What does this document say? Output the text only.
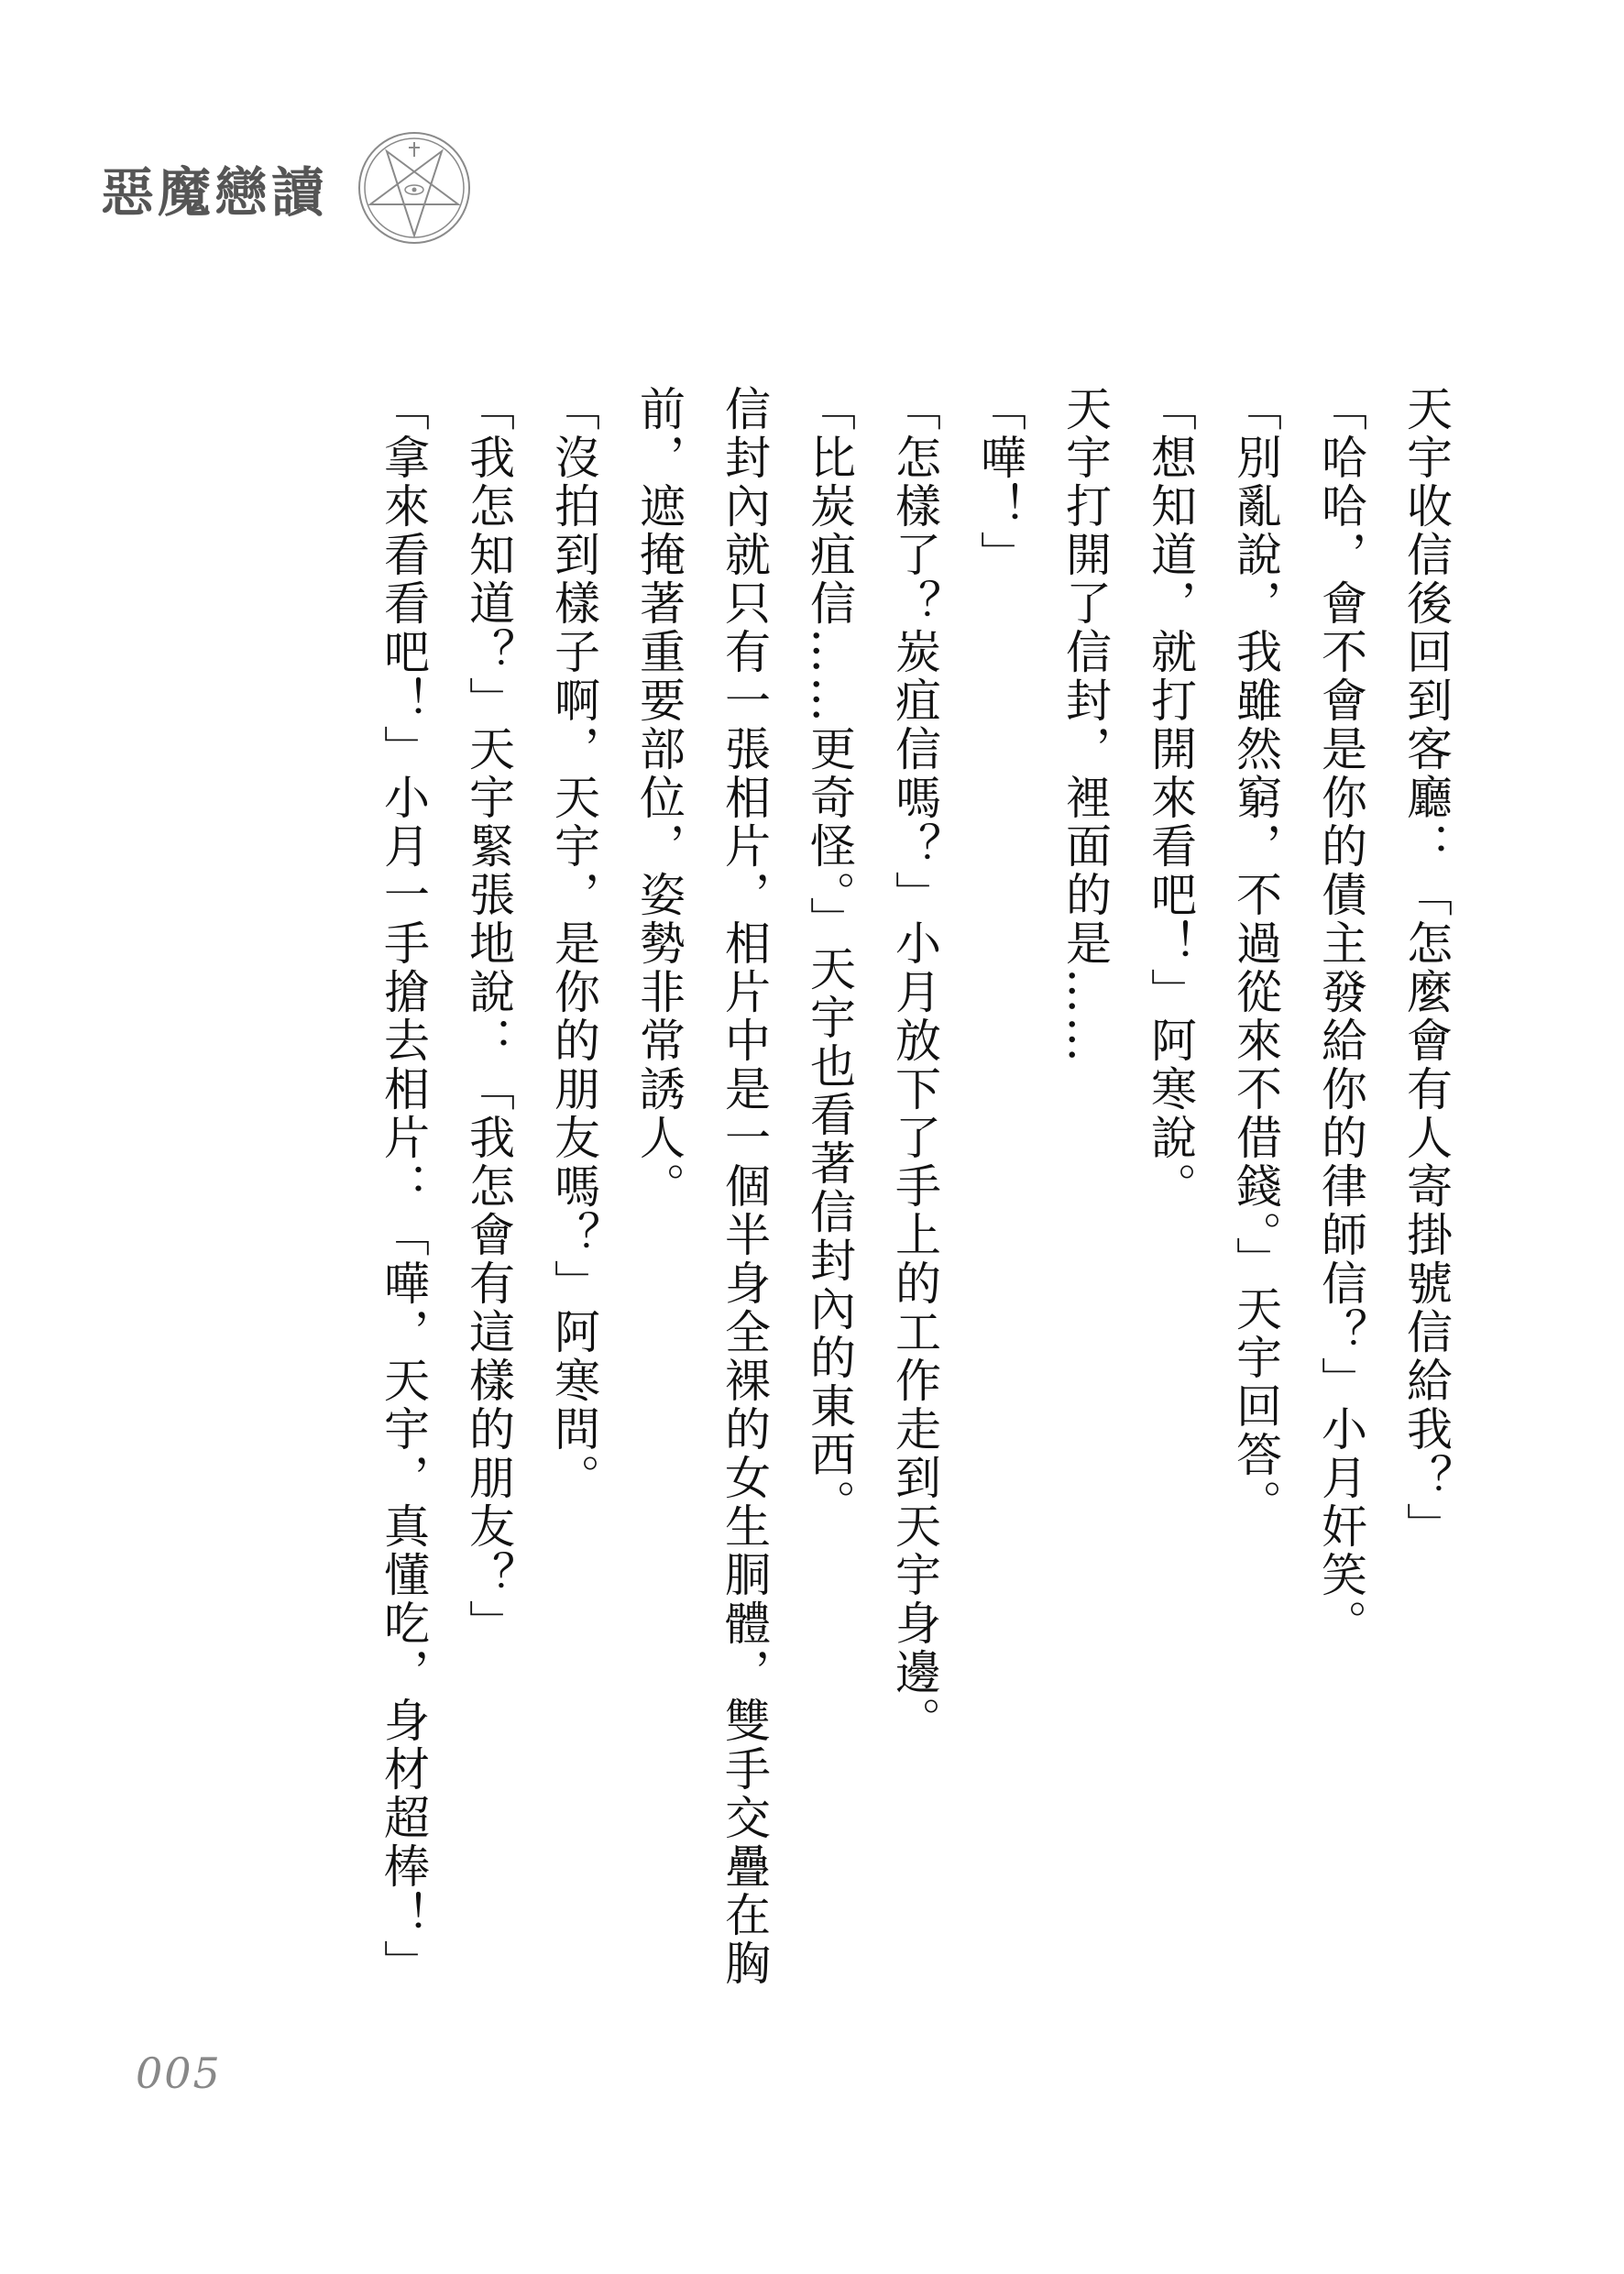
惡魔戀讀

天宇收信後回到客廳：「怎麼會有人寄掛號信給我？」

「哈哈，會不會是你的債主發給你的律師信？」小月奸笑。

「別亂說，我雖然窮，不過從來不借錢。」天宇回答。

「想知道，就打開來看吧！」阿寒說。

天宇打開了信封，裡面的是……

「嘩！」

「怎樣了？炭疽信嗎？」小月放下了手上的工作走到天宇身邊。

「比炭疽信……更奇怪。」天宇也看著信封內的東西。

信封內就只有一張相片，相片中是一個半身全裸的女生胴體，雙手交疊在胸前，遮掩著重要部位，姿勢非常誘人。

「沒拍到樣子啊，天宇，是你的朋友嗎？」阿寒問。

「我怎知道？」天宇緊張地說：「我怎會有這樣的朋友？」

「拿來看看吧！」小月一手搶去相片：「嘩，天宇，真懂吃，身材超棒！」

005
